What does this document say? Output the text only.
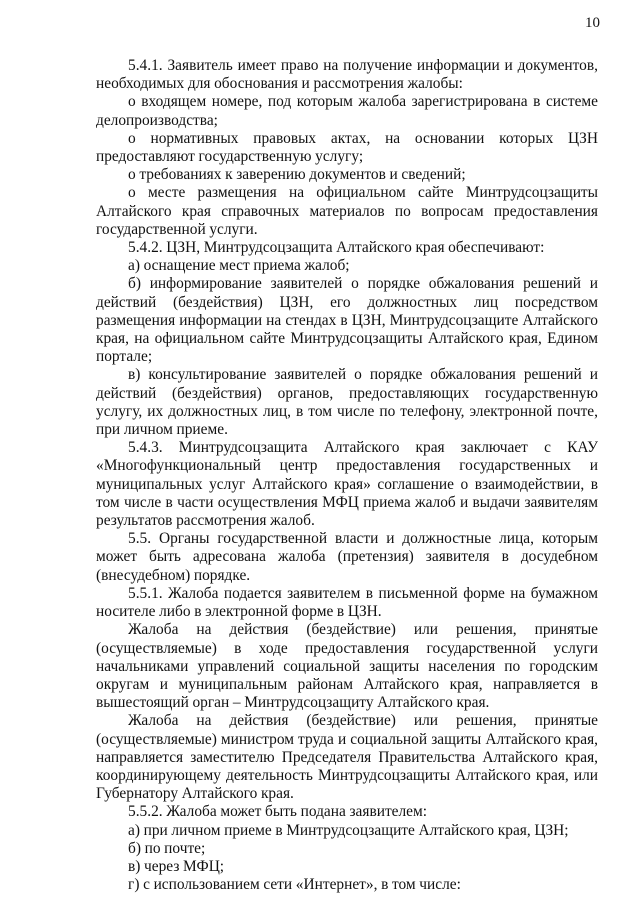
10

5.4.1. Заявитель имеет право на получение информации и документов, необходимых для обоснования и рассмотрения жалобы:

о входящем номере, под которым жалоба зарегистрирована в системе делопроизводства;

о нормативных правовых актах, на основании которых ЦЗН предоставляют государственную услугу;

о требованиях к заверению документов и сведений;

о месте размещения на официальном сайте Минтрудсоцзащиты Алтайского края справочных материалов по вопросам предоставления государственной услуги.

5.4.2. ЦЗН, Минтрудсоцзащита Алтайского края обеспечивают:

а) оснащение мест приема жалоб;

б) информирование заявителей о порядке обжалования решений и действий (бездействия) ЦЗН, его должностных лиц посредством размещения информации на стендах в ЦЗН, Минтрудсоцзащите Алтайского края, на официальном сайте Минтрудсоцзащиты Алтайского края, Едином портале;

в) консультирование заявителей о порядке обжалования решений и действий (бездействия) органов, предоставляющих государственную услугу, их должностных лиц, в том числе по телефону, электронной почте, при личном приеме.

5.4.3. Минтрудсоцзащита Алтайского края заключает с КАУ «Многофункциональный центр предоставления государственных и муниципальных услуг Алтайского края» соглашение о взаимодействии, в том числе в части осуществления МФЦ приема жалоб и выдачи заявителям результатов рассмотрения жалоб.

5.5. Органы государственной власти и должностные лица, которым может быть адресована жалоба (претензия) заявителя в досудебном (внесудебном) порядке.

5.5.1. Жалоба подается заявителем в письменной форме на бумажном носителе либо в электронной форме в ЦЗН.

Жалоба на действия (бездействие) или решения, принятые (осуществляемые) в ходе предоставления государственной услуги начальниками управлений социальной защиты населения по городским округам и муниципальным районам Алтайского края, направляется в вышестоящий орган – Минтрудсоцзащиту Алтайского края.

Жалоба на действия (бездействие) или решения, принятые (осуществляемые) министром труда и социальной защиты Алтайского края, направляется заместителю Председателя Правительства Алтайского края, координирующему деятельность Минтрудсоцзащиты Алтайского края, или Губернатору Алтайского края.

5.5.2. Жалоба может быть подана заявителем:

а) при личном приеме в Минтрудсоцзащите Алтайского края, ЦЗН;

б) по почте;

в) через МФЦ;

г) с использованием сети «Интернет», в том числе:
